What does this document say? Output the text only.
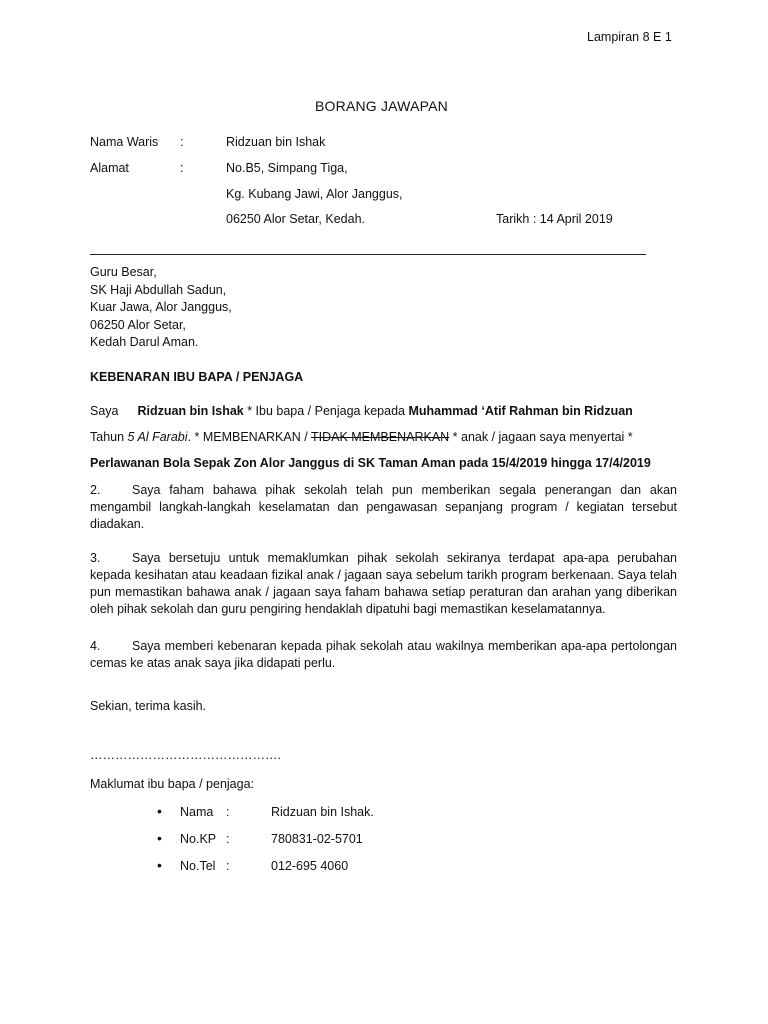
Lampiran 8 E 1
BORANG JAWAPAN
Nama Waris :	Ridzuan bin Ishak
Alamat	:	No.B5, Simpang Tiga,
Kg. Kubang Jawi, Alor Janggus,
06250 Alor Setar, Kedah.	Tarikh : 14 April 2019
Guru Besar,
SK Haji Abdullah Sadun,
Kuar Jawa, Alor Janggus,
06250 Alor Setar,
Kedah Darul Aman.
KEBENARAN IBU BAPA / PENJAGA
Saya Ridzuan bin Ishak * Ibu bapa / Penjaga kepada Muhammad ‘Atif Rahman bin Ridzuan
Tahun 5 Al Farabi. * MEMBENARKAN / TIDAK MEMBENARKAN * anak / jagaan saya menyertai *
Perlawanan Bola Sepak Zon Alor Janggus di SK Taman Aman pada 15/4/2019 hingga 17/4/2019
2.	Saya faham bahawa pihak sekolah telah pun memberikan segala penerangan dan akan mengambil langkah-langkah keselamatan dan pengawasan sepanjang program / kegiatan tersebut diadakan.
3.	Saya bersetuju untuk memaklumkan pihak sekolah sekiranya terdapat apa-apa perubahan kepada kesihatan atau keadaan fizikal anak / jagaan saya sebelum tarikh program berkenaan. Saya telah pun memastikan bahawa anak / jagaan saya faham bahawa setiap peraturan dan arahan yang diberikan oleh pihak sekolah dan guru pengiring hendaklah dipatuhi bagi memastikan keselamatannya.
4.	Saya memberi kebenaran kepada pihak sekolah atau wakilnya memberikan apa-apa pertolongan cemas ke atas anak saya jika didapati perlu.
Sekian, terima kasih.
……………………………………….
Maklumat ibu bapa / penjaga:
• Nama :	Ridzuan bin Ishak.
• No.KP :	780831-02-5701
• No.Tel :	012-695 4060
